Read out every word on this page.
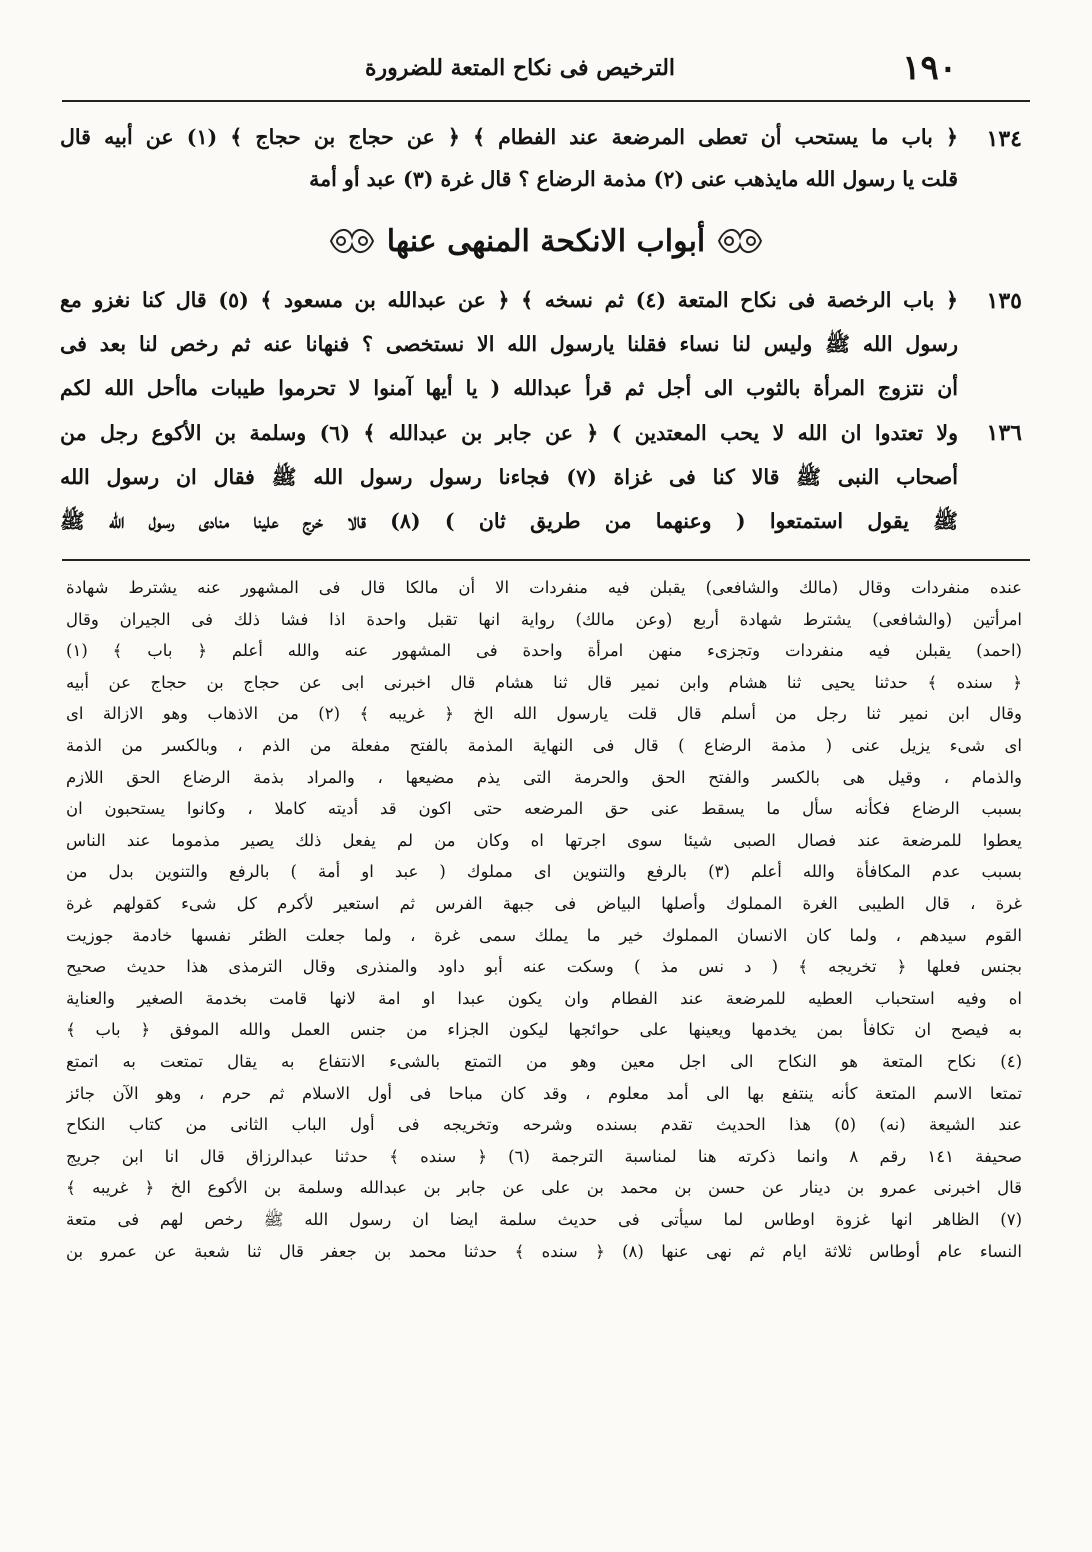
١٩٠
الترخيص فى نكاح المتعة للضرورة
١٣٤
﴿ باب ما يستحب أن تعطى المرضعة عند الفطام ﴾ ﴿ عن حجاج بن حجاج ﴾ (١) عن أبيه قال
قلت يا رسول الله مايذهب عنى (٢) مذمة الرضاع ؟ قال غرة (٣) عبد أو أمة
أبواب الانكحة المنهى عنها
١٣٥
﴿ باب الرخصة فى نكاح المتعة (٤) ثم نسخه ﴾ ﴿ عن عبدالله بن مسعود ﴾ (٥) قال كنا نغزو مع
رسول الله ﷺ وليس لنا نساء فقلنا يارسول الله الا نستخصى ؟ فنهانا عنه ثم رخص لنا بعد فى
أن نتزوج المرأة بالثوب الى أجل ثم قرأ عبدالله ( يا أيها آمنوا لا تحرموا طيبات ماأحل الله لكم
١٣٦
ولا تعتدوا ان الله لا يحب المعتدين ) ﴿ عن جابر بن عبدالله ﴾ (٦) وسلمة بن الأكوع رجل من
أصحاب النبى ﷺ قالا كنا فى غزاة (٧) فجاءنا رسول رسول الله ﷺ فقال ان رسول الله
ﷺ يقول استمتعوا ( وعنهما من طريق ثان ) (٨) قالا خرج علينا منادى رسول الله ﷺ
عنده منفردات وقال (مالك والشافعى) يقبلن فيه منفردات الا أن مالكا قال فى المشهور عنه يشترط شهادة
امرأتين (والشافعى) يشترط شهادة أربع (وعن مالك) رواية انها تقبل واحدة اذا فشا ذلك فى الجيران وقال
(احمد) يقبلن فيه منفردات وتجزىء منهن امرأة واحدة فى المشهور عنه والله أعلم ﴿ باب ﴾ (١)
﴿ سنده ﴾ حدثنا يحيى ثنا هشام وابن نمير قال ثنا هشام قال اخبرنى ابى عن حجاج بن حجاج عن أبيه
وقال ابن نمير ثنا رجل من أسلم قال قلت يارسول الله الخ ﴿ غريبه ﴾ (٢) من الاذهاب وهو الازالة اى
اى شىء يزيل عنى ( مذمة الرضاع ) قال فى النهاية المذمة بالفتح مفعلة من الذم ، وبالكسر من الذمة
والذمام ، وقيل هى بالكسر والفتح الحق والحرمة التى يذم مضيعها ، والمراد بذمة الرضاع الحق اللازم
بسبب الرضاع فكأنه سأل ما يسقط عنى حق المرضعه حتى اكون قد أديته كاملا ، وكانوا يستحبون ان
يعطوا للمرضعة عند فصال الصبى شيئا سوى اجرتها اه وكان من لم يفعل ذلك يصير مذموما عند الناس
بسبب عدم المكافأة والله أعلم (٣) بالرفع والتنوين اى مملوك ( عبد او أمة ) بالرفع والتنوين بدل من
غرة ، قال الطيبى الغرة المملوك وأصلها البياض فى جبهة الفرس ثم استعير لأكرم كل شىء كقولهم غرة
القوم سيدهم ، ولما كان الانسان المملوك خير ما يملك سمى غرة ، ولما جعلت الظئر نفسها خادمة جوزيت
بجنس فعلها ﴿ تخريجه ﴾ ( د نس مذ ) وسكت عنه أبو داود والمنذرى وقال الترمذى هذا حديث صحيح
اه وفيه استحباب العطيه للمرضعة عند الفطام وان يكون عبدا او امة لانها قامت بخدمة الصغير والعناية
به فيصح ان تكافأ بمن يخدمها ويعينها على حوائجها ليكون الجزاء من جنس العمل والله الموفق ﴿ باب ﴾
(٤) نكاح المتعة هو النكاح الى اجل معين وهو من التمتع بالشىء الانتفاع به يقال تمتعت به اتمتع
تمتعا الاسم المتعة كأنه ينتفع بها الى أمد معلوم ، وقد كان مباحا فى أول الاسلام ثم حرم ، وهو الآن جائز
عند الشيعة (نه) (٥) هذا الحديث تقدم بسنده وشرحه وتخريجه فى أول الباب الثانى من كتاب النكاح
صحيفة ١٤١ رقم ٨ وانما ذكرته هنا لمناسبة الترجمة (٦) ﴿ سنده ﴾ حدثنا عبدالرزاق قال انا ابن جريج
قال اخبرنى عمرو بن دينار عن حسن بن محمد بن على عن جابر بن عبدالله وسلمة بن الأكوع الخ ﴿ غريبه ﴾
(٧) الظاهر انها غزوة اوطاس لما سيأتى فى حديث سلمة ايضا ان رسول الله ﷺ رخص لهم فى متعة
النساء عام أوطاس ثلاثة ايام ثم نهى عنها (٨) ﴿ سنده ﴾ حدثنا محمد بن جعفر قال ثنا شعبة عن عمرو بن
